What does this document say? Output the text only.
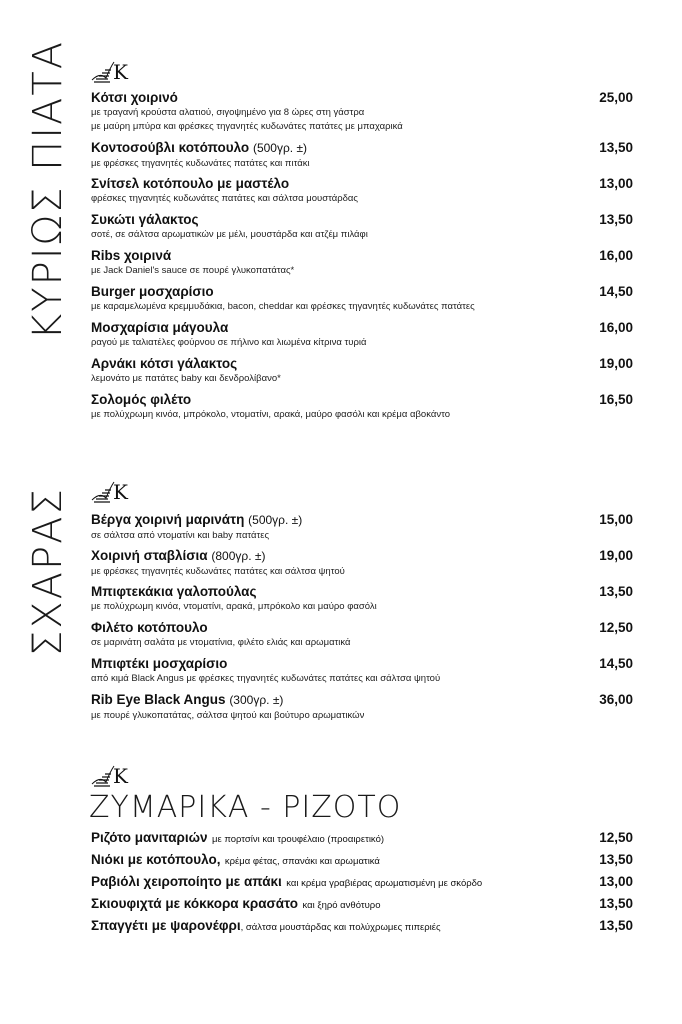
K
ΚΥΡΙΩΣ ΠΙΑΤΑ Κότσι χοιρινό
με τραγανή κρούστα αλατιού, σιγοψημένο για 8 ώρες στη γάστρα
με μαύρη μπύρα και φρέσκες τηγανητές κυδωνάτες πατάτες με μπαχαρικά
25,00
Κοντοσούβλι κοτόπουλο (500γρ. ±)
με φρέσκες τηγανητές κυδωνάτες πατάτες και πιτάκι
13,50
Σνίτσελ κοτόπουλο με μαστέλο
φρέσκες τηγανητές κυδωνάτες πατάτες και σάλτσα μουστάρδας
13,00
Συκώτι γάλακτος
σοτέ, σε σάλτσα αρωματικών με μέλι, μουστάρδα και ατζέμ πιλάφι
13,50
Ribs χοιρινά
με Jack Daniel's sauce σε πουρέ γλυκοπατάτας*
16,00
Burger μοσχαρίσιο
με καραμελωμένα κρεμμυδάκια, bacon, cheddar και φρέσκες τηγανητές κυδωνάτες πατάτες
14,50
Μοσχαρίσια μάγουλα
ραγού με ταλιατέλες φούρνου σε πήλινο και λιωμένα κίτρινα τυριά
16,00
Αρνάκι κότσι γάλακτος
λεμονάτο με πατάτες baby και δενδρολίβανο*
19,00
Σολομός φιλέτο
με πολύχρωμη κινόα, μπρόκολο, ντοματίνι, αρακά, μαύρο φασόλι και κρέμα αβοκάντο
16,50
K
ΣΧΑΡΑΣ Βέργα χοιρινή μαρινάτη (500γρ. ±)
σε σάλτσα από ντοματίνι και baby πατάτες
15,00
Χοιρινή σταβλίσια (800γρ. ±)
με φρέσκες τηγανητές κυδωνάτες πατάτες και σάλτσα ψητού
19,00
Μπιφτεκάκια γαλοπούλας
με πολύχρωμη κινόα, ντοματίνι, αρακά, μπρόκολο και μαύρο φασόλι
13,50
Φιλέτο κοτόπουλο
σε μαρινάτη σαλάτα με ντοματίνια, φιλέτο ελιάς και αρωματικά
12,50
Μπιφτέκι μοσχαρίσιο
από κιμά Black Angus με φρέσκες τηγανητές κυδωνάτες πατάτες και σάλτσα ψητού
14,50
Rib Eye Black Angus (300γρ. ±)
με πουρέ γλυκοπατάτας, σάλτσα ψητού και βούτυρο αρωματικών
36,00
K
ΖΥΜΑΡΙΚΑ - ΡΙΖΟΤΟ
Ριζότο μανιταριών με πορτσίνι και τρουφέλαιο (προαιρετικό)	12,50
Νιόκι με κοτόπουλο, κρέμα φέτας, σπανάκι και αρωματικά	13,50
Ραβιόλι χειροποίητο με απάκι και κρέμα γραβιέρας αρωματισμένη με σκόρδο	13,00
Σκιουφιχτά με κόκκορα κρασάτο και ξηρό ανθότυρο	13,50
Σπαγγέτι με ψαρονέφρι, σάλτσα μουστάρδας και πολύχρωμες πιπεριές	13,50
